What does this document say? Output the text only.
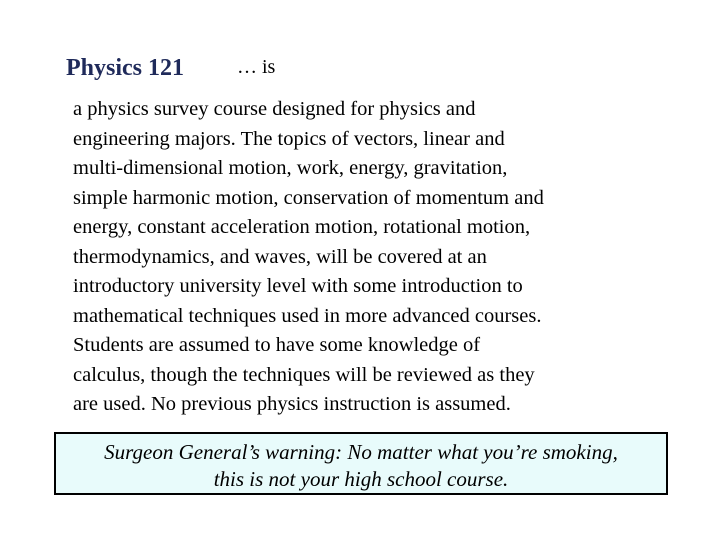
Physics 121	… is

a physics survey course designed for physics and
engineering majors. The topics of vectors, linear and
multi-dimensional motion, work, energy, gravitation,
simple harmonic motion, conservation of momentum and
energy, constant acceleration motion, rotational motion,
thermodynamics, and waves, will be covered at an
introductory university level with some introduction to
mathematical techniques used in more advanced courses.
Students are assumed to have some knowledge of
calculus, though the techniques will be reviewed as they
are used. No previous physics instruction is assumed.

Surgeon General’s warning: No matter what you’re smoking,
this is not your high school course.
